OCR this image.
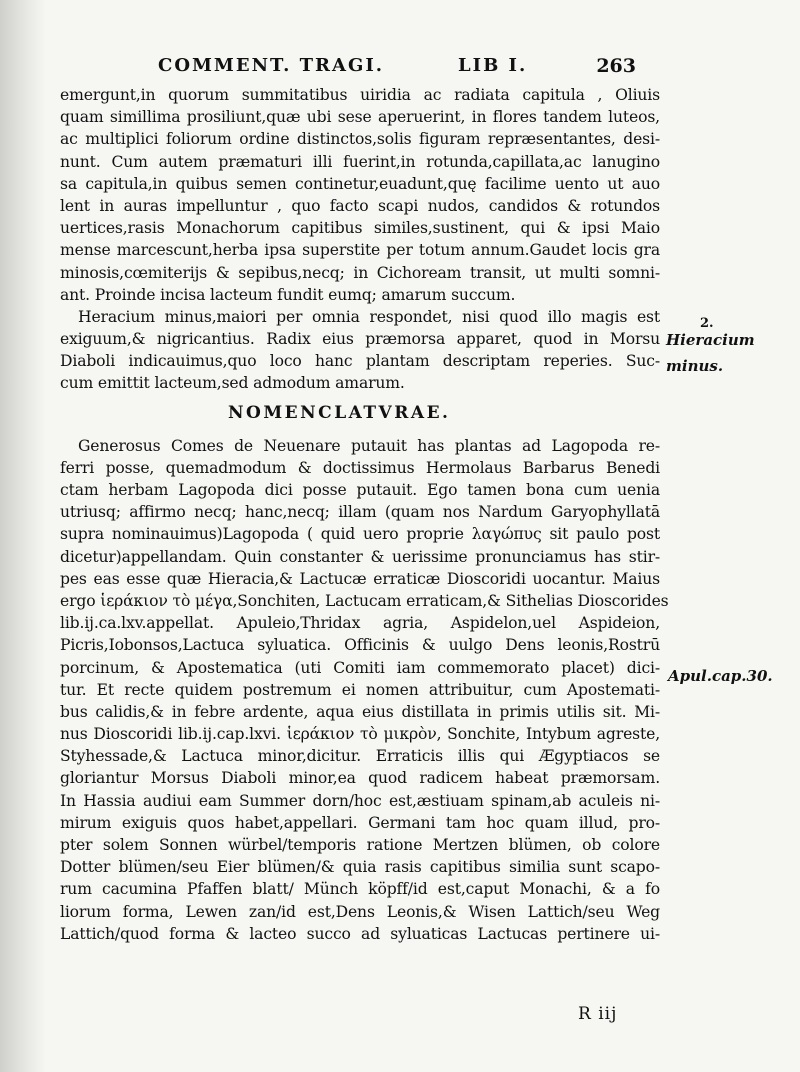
COMMENT. TRAGI.	LIB I.	263
emergunt,in quorum summitatibus uiridia ac radiata capitula , Oliuis
quam simillima prosiliunt,quæ ubi sese aperuerint, in flores tandem luteos,
ac multiplici foliorum ordine distinctos,solis figuram repræsentantes, desi-
nunt. Cum autem præmaturi illi fuerint,in rotunda,capillata,ac lanugino
sa capitula,in quibus semen continetur,euadunt,quę facilime uento ut auo
lent in auras impelluntur , quo facto scapi nudos, candidos & rotundos
uertices,rasis Monachorum capitibus similes,sustinent, qui & ipsi Maio
mense marcescunt,herba ipsa superstite per totum annum.Gaudet locis gra
minosis,cœmiterijs & sepibus,necq; in Cichoream transit, ut multi somni-
ant. Proinde incisa lacteum fundit eumq; amarum succum.
Heracium minus,maiori per omnia respondet, nisi quod illo magis est
exiguum,& nigricantius. Radix eius præmorsa apparet, quod in Morsu
Diaboli indicauimus,quo loco hanc plantam descriptam reperies. Suc-
cum emittit lacteum,sed admodum amarum.
NOMENCLATVRAE.
Generosus Comes de Neuenare putauit has plantas ad Lagopoda re-
ferri posse, quemadmodum & doctissimus Hermolaus Barbarus Benedi
ctam herbam Lagopoda dici posse putauit. Ego tamen bona cum uenia
utriusq; affirmo necq; hanc,necq; illam (quam nos Nardum Garyophyllatā
supra nominauimus)Lagopoda ( quid uero proprie λαγώπυς sit paulo post
dicetur)appellandam. Quin constanter & uerissime pronunciamus has stir-
pes eas esse quæ Hieracia,& Lactucæ erraticæ Dioscoridi uocantur. Maius
ergo ἱεράκιον τὸ μέγα,Sonchiten, Lactucam erraticam,& Sithelias Dioscorides
lib.ij.ca.lxv.appellat. Apuleio,Thridax agria, Aspidelon,uel Aspideion,
Picris,Iobonsos,Lactuca syluatica. Officinis & uulgo Dens leonis,Rostrū
porcinum, & Apostematica (uti Comiti iam commemorato placet) dici-
tur. Et recte quidem postremum ei nomen attribuitur, cum Apostemati-
bus calidis,& in febre ardente, aqua eius distillata in primis utilis sit. Mi-
nus Dioscoridi lib.ij.cap.lxvi. ἱεράκιον τὸ μικρὸν, Sonchite, Intybum agreste,
Styhessade,& Lactuca minor,dicitur. Erraticis illis qui Ægyptiacos se
gloriantur Morsus Diaboli minor,ea quod radicem habeat præmorsam.
In Hassia audiui eam Summer dorn/hoc est,æstiuam spinam,ab aculeis ni-
mirum exiguis quos habet,appellari. Germani tam hoc quam illud, pro-
pter solem Sonnen würbel/temporis ratione Mertzen blümen, ob colore
Dotter blümen/seu Eier blümen/& quia rasis capitibus similia sunt scapo-
rum cacumina Pfaffen blatt/ Münch köpff/id est,caput Monachi, & a fo
liorum forma, Lewen zan/id est,Dens Leonis,& Wisen Lattich/seu Weg
Lattich/quod forma & lacteo succo ad syluaticas Lactucas pertinere ui-
2.
Hieracium
minus.
Apul.cap.30.
R iij
